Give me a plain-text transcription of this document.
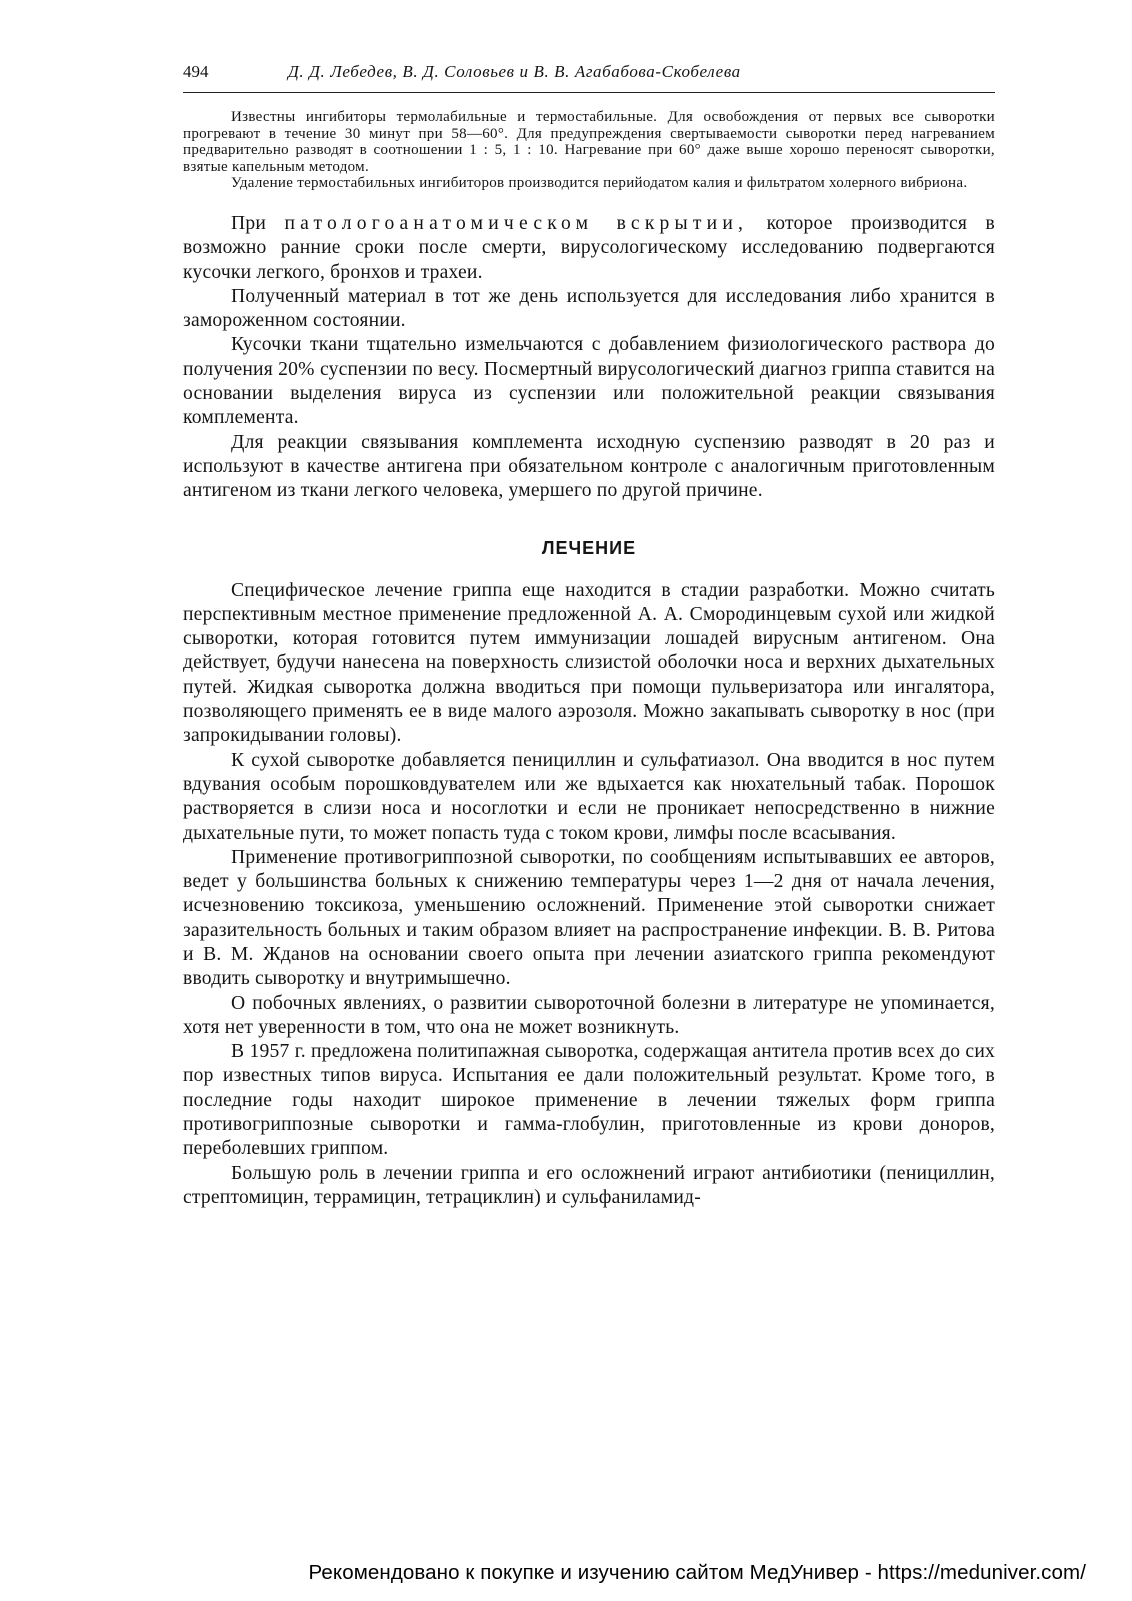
494	Д. Д. Лебедев, В. Д. Соловьев и В. В. Агабабова-Скобелева

Известны ингибиторы термолабильные и термостабильные. Для освобождения от первых все сыворотки прогревают в течение 30 минут при 58—60°. Для предупреждения свертываемости сыворотки перед нагреванием предварительно разводят в соотношении 1 : 5, 1 : 10. Нагревание при 60° даже выше хорошо переносят сыворотки, взятые капельным методом.

Удаление термостабильных ингибиторов производится перийодатом калия и фильтратом холерного вибриона.

При патологоанатомическом вскрытии, которое производится в возможно ранние сроки после смерти, вирусологическому исследованию подвергаются кусочки легкого, бронхов и трахеи.

Полученный материал в тот же день используется для исследования либо хранится в замороженном состоянии.

Кусочки ткани тщательно измельчаются с добавлением физиологического раствора до получения 20% суспензии по весу. Посмертный вирусологический диагноз гриппа ставится на основании выделения вируса из суспензии или положительной реакции связывания комплемента.

Для реакции связывания комплемента исходную суспензию разводят в 20 раз и используют в качестве антигена при обязательном контроле с аналогичным приготовленным антигеном из ткани легкого человека, умершего по другой причине.

ЛЕЧЕНИЕ

Специфическое лечение гриппа еще находится в стадии разработки. Можно считать перспективным местное применение предложенной А. А. Смородинцевым сухой или жидкой сыворотки, которая готовится путем иммунизации лошадей вирусным антигеном. Она действует, будучи нанесена на поверхность слизистой оболочки носа и верхних дыхательных путей. Жидкая сыворотка должна вводиться при помощи пульверизатора или ингалятора, позволяющего применять ее в виде малого аэрозоля. Можно закапывать сыворотку в нос (при запрокидывании головы).

К сухой сыворотке добавляется пенициллин и сульфатиазол. Она вводится в нос путем вдувания особым порошковдувателем или же вдыхается как нюхательный табак. Порошок растворяется в слизи носа и носоглотки и если не проникает непосредственно в нижние дыхательные пути, то может попасть туда с током крови, лимфы после всасывания.

Применение противогриппозной сыворотки, по сообщениям испытывавших ее авторов, ведет у большинства больных к снижению температуры через 1—2 дня от начала лечения, исчезновению токсикоза, уменьшению осложнений. Применение этой сыворотки снижает заразительность больных и таким образом влияет на распространение инфекции. В. В. Ритова и В. М. Жданов на основании своего опыта при лечении азиатского гриппа рекомендуют вводить сыворотку и внутримышечно.

О побочных явлениях, о развитии сывороточной болезни в литературе не упоминается, хотя нет уверенности в том, что она не может возникнуть.

В 1957 г. предложена политипажная сыворотка, содержащая антитела против всех до сих пор известных типов вируса. Испытания ее дали положительный результат. Кроме того, в последние годы находит широкое применение в лечении тяжелых форм гриппа противогриппозные сыворотки и гамма-глобулин, приготовленные из крови доноров, переболевших гриппом.

Большую роль в лечении гриппа и его осложнений играют антибиотики (пенициллин, стрептомицин, террамицин, тетрациклин) и сульфаниламид-

Рекомендовано к покупке и изучению сайтом МедУнивер - https://meduniver.com/
